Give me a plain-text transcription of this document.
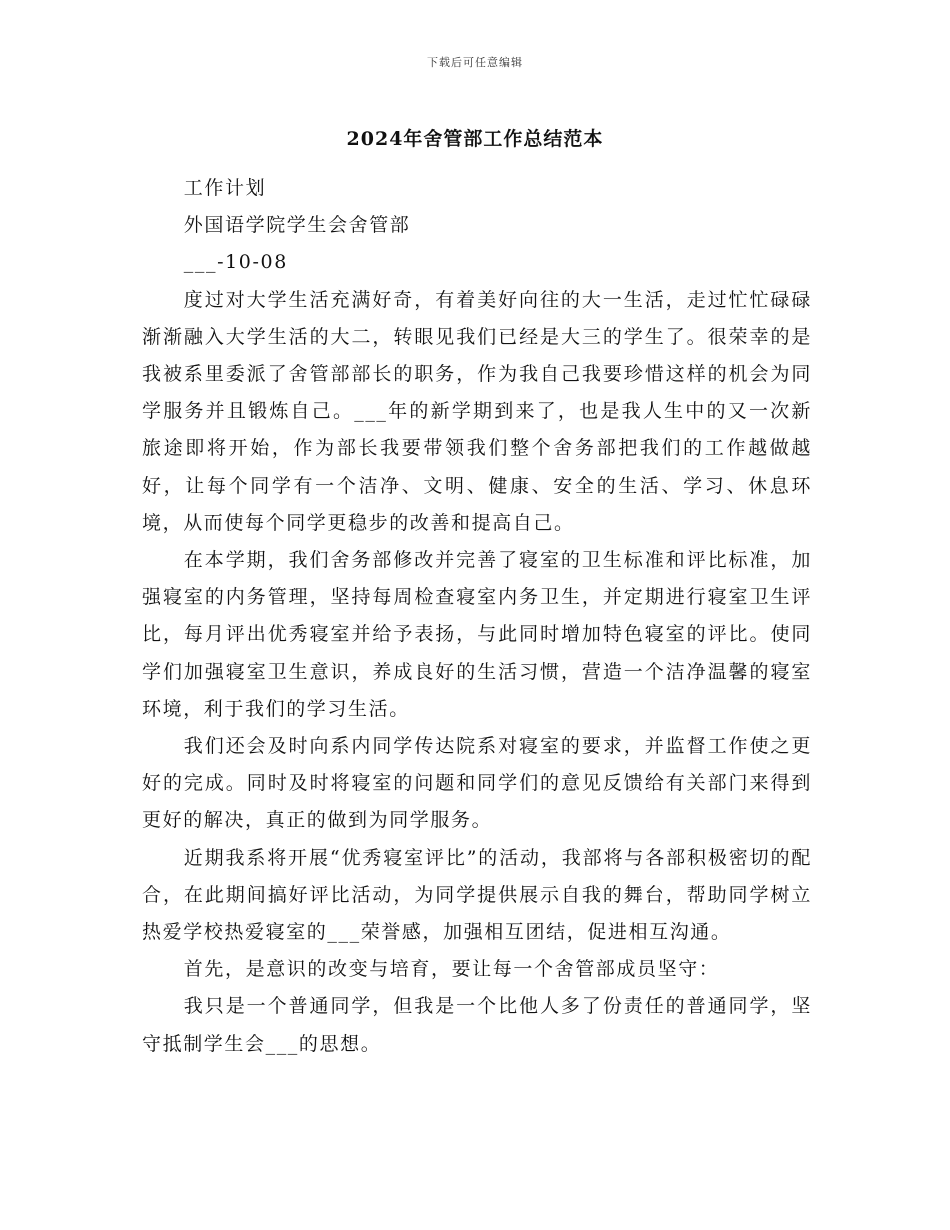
下载后可任意编辑
2024年舍管部工作总结范本

工作计划

外国语学院学生会舍管部

___-10-08

度过对大学生活充满好奇，有着美好向往的大一生活，走过忙忙碌碌渐渐融入大学生活的大二，转眼见我们已经是大三的学生了。很荣幸的是我被系里委派了舍管部部长的职务，作为我自己我要珍惜这样的机会为同学服务并且锻炼自己。___年的新学期到来了，也是我人生中的又一次新旅途即将开始，作为部长我要带领我们整个舍务部把我们的工作越做越好，让每个同学有一个洁净、文明、健康、安全的生活、学习、休息环境，从而使每个同学更稳步的改善和提高自己。

在本学期，我们舍务部修改并完善了寝室的卫生标准和评比标准，加强寝室的内务管理，坚持每周检查寝室内务卫生，并定期进行寝室卫生评比，每月评出优秀寝室并给予表扬，与此同时增加特色寝室的评比。使同学们加强寝室卫生意识，养成良好的生活习惯，营造一个洁净温馨的寝室环境，利于我们的学习生活。

我们还会及时向系内同学传达院系对寝室的要求，并监督工作使之更好的完成。同时及时将寝室的问题和同学们的意见反馈给有关部门来得到更好的解决，真正的做到为同学服务。

近期我系将开展“优秀寝室评比”的活动，我部将与各部积极密切的配合，在此期间搞好评比活动，为同学提供展示自我的舞台，帮助同学树立热爱学校热爱寝室的___荣誉感，加强相互团结，促进相互沟通。

首先，是意识的改变与培育，要让每一个舍管部成员坚守：

我只是一个普通同学，但我是一个比他人多了份责任的普通同学，坚守抵制学生会___的思想。
